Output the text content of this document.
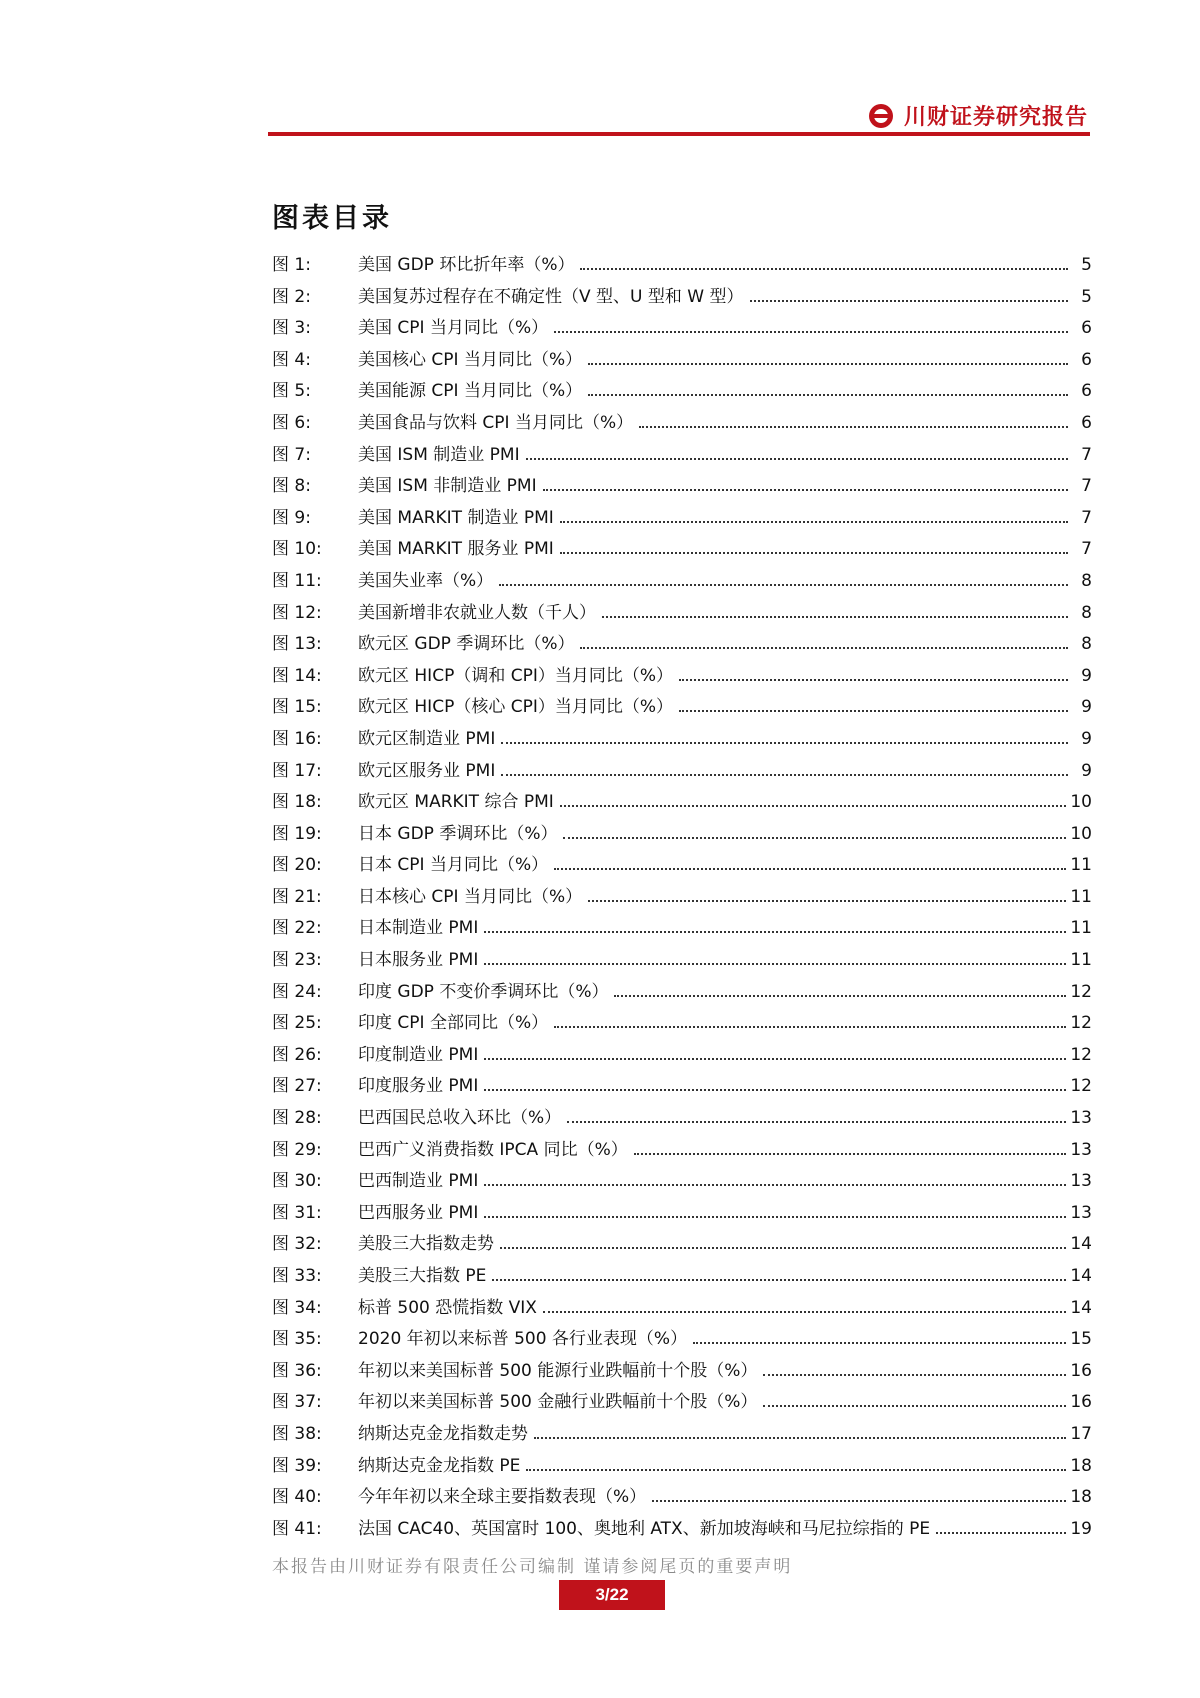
川财证券研究报告
图表目录
图 1:	美国 GDP 环比折年率（%）	5
图 2:	美国复苏过程存在不确定性（V 型、U 型和 W 型）	5
图 3:	美国 CPI 当月同比（%）	6
图 4:	美国核心 CPI 当月同比（%）	6
图 5:	美国能源 CPI 当月同比（%）	6
图 6:	美国食品与饮料 CPI 当月同比（%）	6
图 7:	美国 ISM 制造业 PMI	7
图 8:	美国 ISM 非制造业 PMI	7
图 9:	美国 MARKIT 制造业 PMI	7
图 10:	美国 MARKIT 服务业 PMI	7
图 11:	美国失业率（%）	8
图 12:	美国新增非农就业人数（千人）	8
图 13:	欧元区 GDP 季调环比（%）	8
图 14:	欧元区 HICP（调和 CPI）当月同比（%）	9
图 15:	欧元区 HICP（核心 CPI）当月同比（%）	9
图 16:	欧元区制造业 PMI	9
图 17:	欧元区服务业 PMI	9
图 18:	欧元区 MARKIT 综合 PMI	10
图 19:	日本 GDP 季调环比（%）	10
图 20:	日本 CPI 当月同比（%）	11
图 21:	日本核心 CPI 当月同比（%）	11
图 22:	日本制造业 PMI	11
图 23:	日本服务业 PMI	11
图 24:	印度 GDP 不变价季调环比（%）	12
图 25:	印度 CPI 全部同比（%）	12
图 26:	印度制造业 PMI	12
图 27:	印度服务业 PMI	12
图 28:	巴西国民总收入环比（%）	13
图 29:	巴西广义消费指数 IPCA 同比（%）	13
图 30:	巴西制造业 PMI	13
图 31:	巴西服务业 PMI	13
图 32:	美股三大指数走势	14
图 33:	美股三大指数 PE	14
图 34:	标普 500 恐慌指数 VIX	14
图 35:	2020 年初以来标普 500 各行业表现（%）	15
图 36:	年初以来美国标普 500 能源行业跌幅前十个股（%）	16
图 37:	年初以来美国标普 500 金融行业跌幅前十个股（%）	16
图 38:	纳斯达克金龙指数走势	17
图 39:	纳斯达克金龙指数 PE	18
图 40:	今年年初以来全球主要指数表现（%）	18
图 41:	法国 CAC40、英国富时 100、奥地利 ATX、新加坡海峡和马尼拉综指的 PE	19
本报告由川财证券有限责任公司编制 谨请参阅尾页的重要声明
3/22
